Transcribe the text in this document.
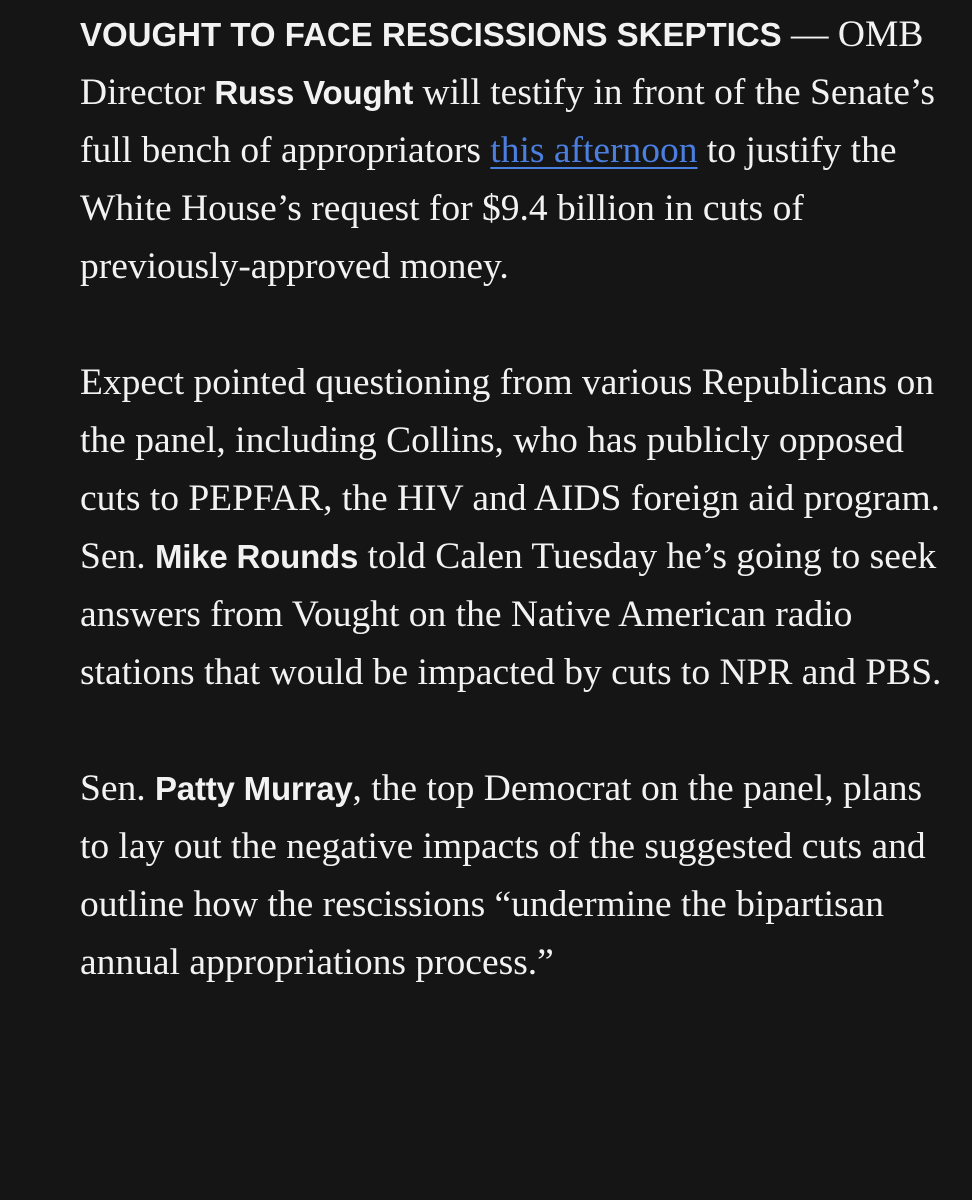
VOUGHT TO FACE RESCISSIONS SKEPTICS — OMB Director Russ Vought will testify in front of the Senate’s full bench of appropriators this afternoon to justify the White House’s request for $9.4 billion in cuts of previously-approved money.

Expect pointed questioning from various Republicans on the panel, including Collins, who has publicly opposed cuts to PEPFAR, the HIV and AIDS foreign aid program. Sen. Mike Rounds told Calen Tuesday he’s going to seek answers from Vought on the Native American radio stations that would be impacted by cuts to NPR and PBS.

Sen. Patty Murray, the top Democrat on the panel, plans to lay out the negative impacts of the suggested cuts and outline how the rescissions “undermine the bipartisan annual appropriations process.”
